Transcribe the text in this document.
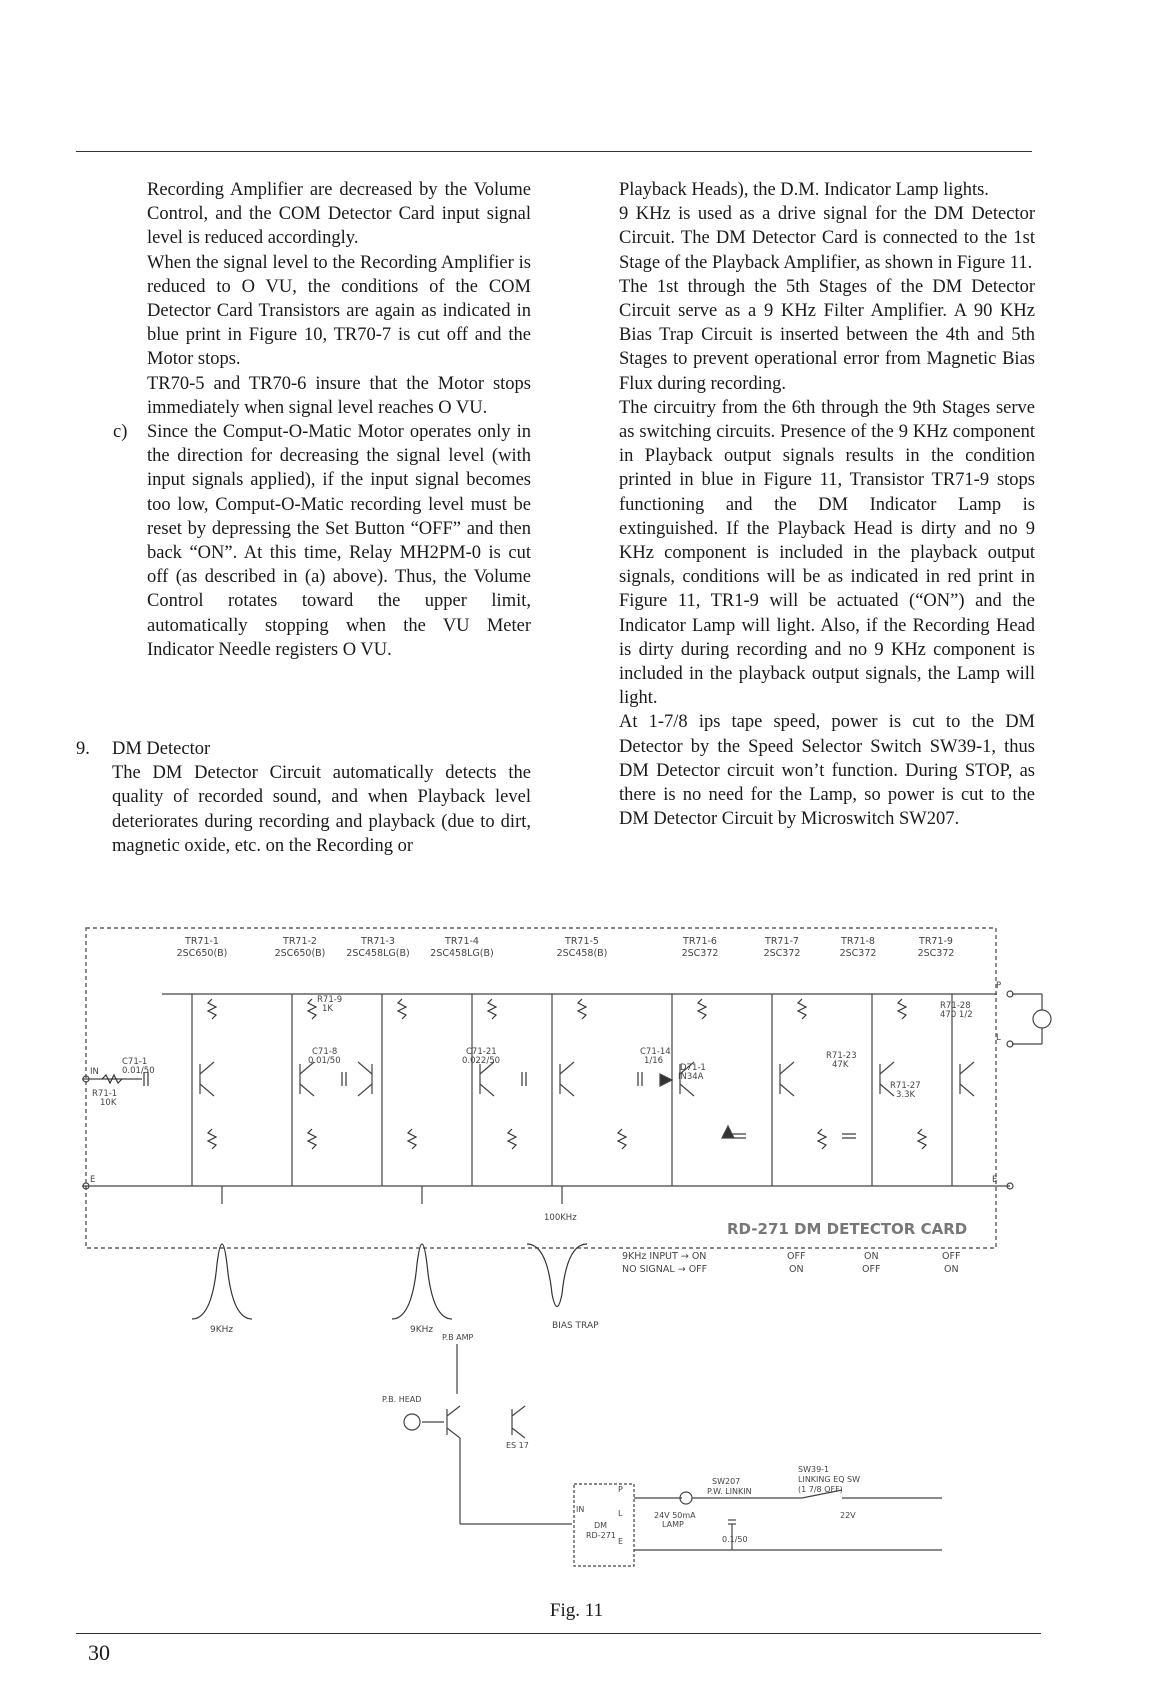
Recording Amplifier are decreased by the Volume Control, and the COM Detector Card input signal level is reduced accordingly.

When the signal level to the Recording Amplifier is reduced to O VU, the conditions of the COM Detector Card Transistors are again as indicated in blue print in Figure 10, TR70-7 is cut off and the Motor stops.

TR70-5 and TR70-6 insure that the Motor stops immediately when signal level reaches O VU.

c) Since the Comput-O-Matic Motor operates only in the direction for decreasing the signal level (with input signals applied), if the input signal becomes too low, Comput-O-Matic recording level must be reset by depressing the Set Button “OFF” and then back “ON”. At this time, Relay MH2PM-0 is cut off (as described in (a) above). Thus, the Volume Control rotates toward the upper limit, automatically stopping when the VU Meter Indicator Needle registers O VU.

9. DM Detector

The DM Detector Circuit automatically detects the quality of recorded sound, and when Playback level deteriorates during recording and playback (due to dirt, magnetic oxide, etc. on the Recording or

Playback Heads), the D.M. Indicator Lamp lights.

9 KHz is used as a drive signal for the DM Detector Circuit. The DM Detector Card is connected to the 1st Stage of the Playback Amplifier, as shown in Figure 11.

The 1st through the 5th Stages of the DM Detector Circuit serve as a 9 KHz Filter Amplifier. A 90 KHz Bias Trap Circuit is inserted between the 4th and 5th Stages to prevent operational error from Magnetic Bias Flux during recording.

The circuitry from the 6th through the 9th Stages serve as switching circuits. Presence of the 9 KHz component in Playback output signals results in the condition printed in blue in Figure 11, Transistor TR71-9 stops functioning and the DM Indicator Lamp is extinguished. If the Playback Head is dirty and no 9 KHz component is included in the playback output signals, conditions will be as indicated in red print in Figure 11, TR1-9 will be actuated (“ON”) and the Indicator Lamp will light. Also, if the Recording Head is dirty during recording and no 9 KHz component is included in the playback output signals, the Lamp will light.

At 1-7/8 ips tape speed, power is cut to the DM Detector by the Speed Selector Switch SW39-1, thus DM Detector circuit won’t function. During STOP, as there is no need for the Lamp, so power is cut to the DM Detector Circuit by Microswitch SW207.

TR71-1
2SC650(B)
TR71-2
2SC650(B)
TR71-3
2SC458LG(B)
TR71-4
2SC458LG(B)
TR71-5
2SC458(B)
TR71-6
2SC372
TR71-7
2SC372
TR71-8
2SC372
TR71-9
2SC372
IN
E	E
P
L
C71-1
0.01/50
R71-1
10K
R71-9
1K
C71-8
0.01/50
C71-21
0.022/50
C71-14
1/16
D71-1
IN34A
R71-23
47K
R71-27
3.3K
R71-28
470 1/2
100KHz
RD-271 DM DETECTOR CARD
9KHz	9KHz	BIAS TRAP
9KHz INPUT → ON
NO SIGNAL → OFF
OFF
ON
ON
OFF
OFF
ON
P.B AMP
P.B. HEAD
ES 17
IN
P
L
E
DM
RD-271
SW207
P.W. LINKIN
SW39-1
LINKING EQ SW
(1 7/8 OFF)
24V 50mA
LAMP
0.1/50
22V
Fig. 11
30
